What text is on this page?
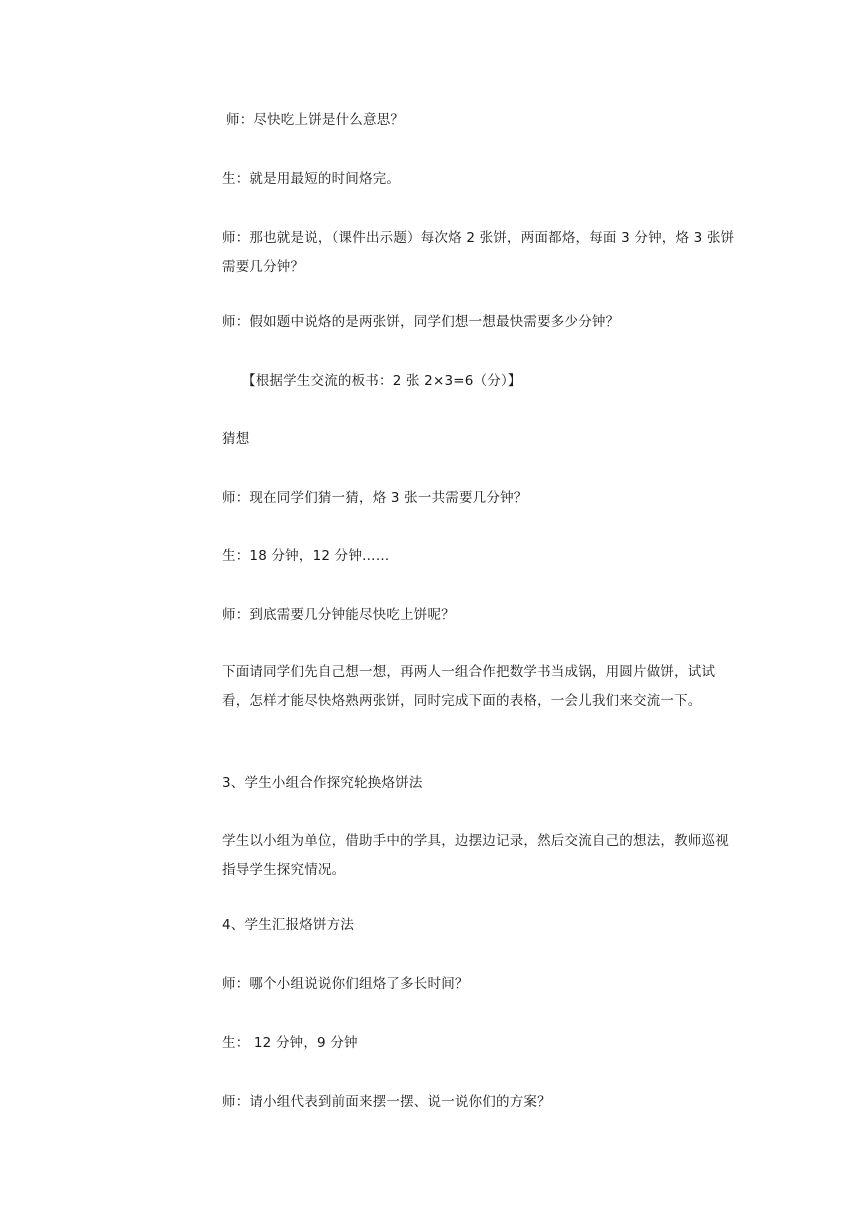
师：尽快吃上饼是什么意思？
生：就是用最短的时间烙完。
师：那也就是说，（课件出示题）每次烙 2 张饼，两面都烙，每面 3 分钟，烙 3 张饼需要几分钟？
师：假如题中说烙的是两张饼，同学们想一想最快需要多少分钟？
【根据学生交流的板书：2 张 2×3=6（分）】
猜想
师：现在同学们猜一猜，烙 3 张一共需要几分钟？
生：18 分钟，12 分钟……
师：到底需要几分钟能尽快吃上饼呢？
下面请同学们先自己想一想，再两人一组合作把数学书当成锅，用圆片做饼，试试看，怎样才能尽快烙熟两张饼，同时完成下面的表格，一会儿我们来交流一下。
3、学生小组合作探究轮换烙饼法
学生以小组为单位，借助手中的学具，边摆边记录，然后交流自己的想法，教师巡视指导学生探究情况。
4、学生汇报烙饼方法
师：哪个小组说说你们组烙了多长时间？
生： 12 分钟，9 分钟
师：请小组代表到前面来摆一摆、说一说你们的方案？
